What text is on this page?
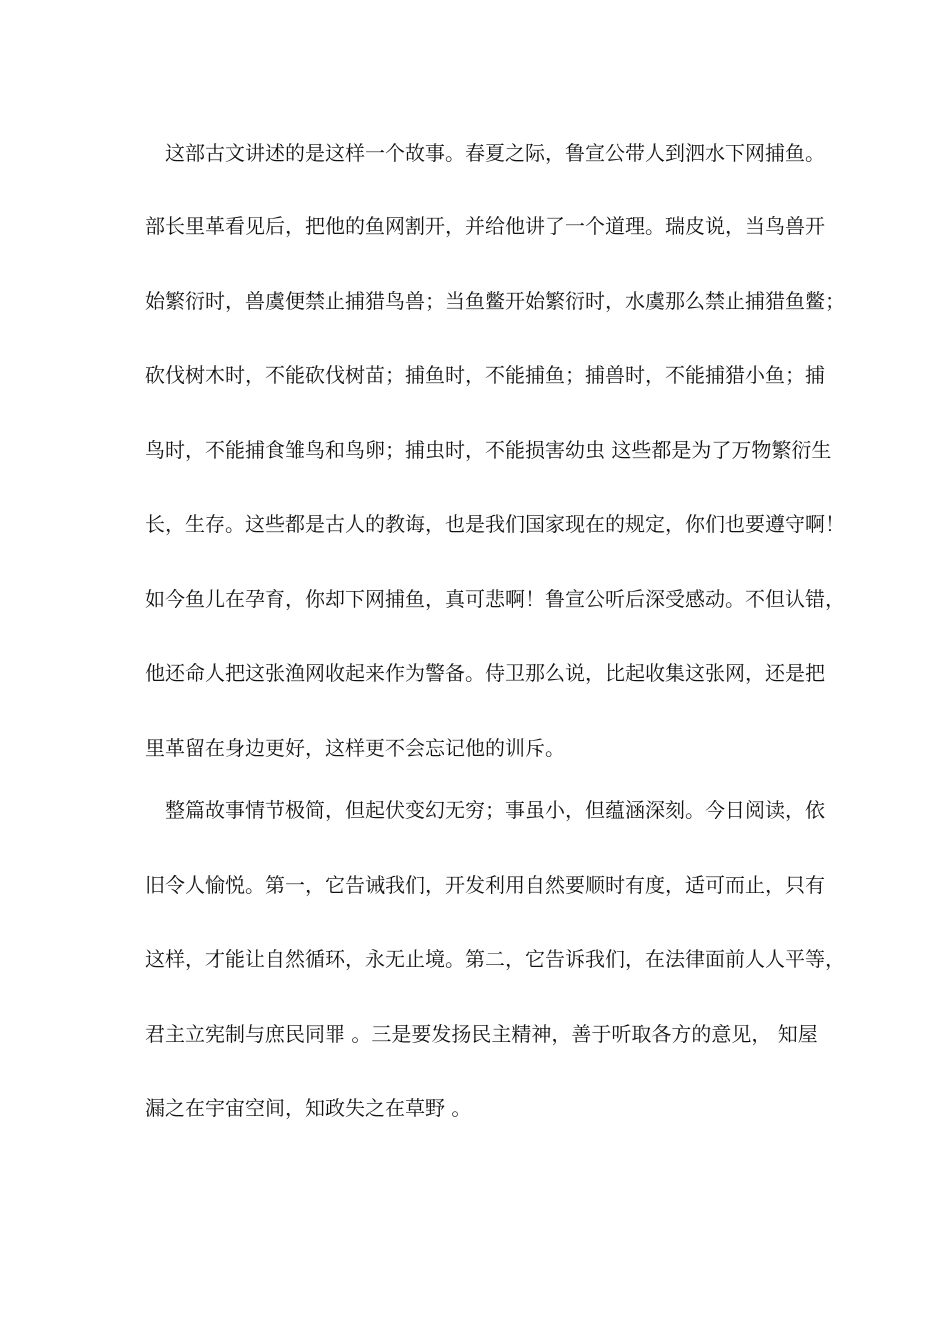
　这部古文讲述的是这样一个故事。春夏之际，鲁宣公带人到泗水下网捕鱼。
部长里革看见后，把他的鱼网割开，并给他讲了一个道理。瑞皮说，当鸟兽开
始繁衍时，兽虞便禁止捕猎鸟兽；当鱼鳖开始繁衍时，水虞那么禁止捕猎鱼鳖；
砍伐树木时，不能砍伐树苗；捕鱼时，不能捕鱼；捕兽时，不能捕猎小鱼；捕
鸟时，不能捕食雏鸟和鸟卵；捕虫时，不能损害幼虫 这些都是为了万物繁衍生
长，生存。这些都是古人的教诲，也是我们国家现在的规定，你们也要遵守啊！
如今鱼儿在孕育，你却下网捕鱼，真可悲啊！鲁宣公听后深受感动。不但认错，
他还命人把这张渔网收起来作为警备。侍卫那么说，比起收集这张网，还是把
里革留在身边更好，这样更不会忘记他的训斥。
　整篇故事情节极简，但起伏变幻无穷；事虽小，但蕴涵深刻。今日阅读，依
旧令人愉悦。第一，它告诫我们，开发利用自然要顺时有度，适可而止，只有
这样，才能让自然循环，永无止境。第二，它告诉我们，在法律面前人人平等，
君主立宪制与庶民同罪 。三是要发扬民主精神，善于听取各方的意见， 知屋
漏之在宇宙空间，知政失之在草野 。
